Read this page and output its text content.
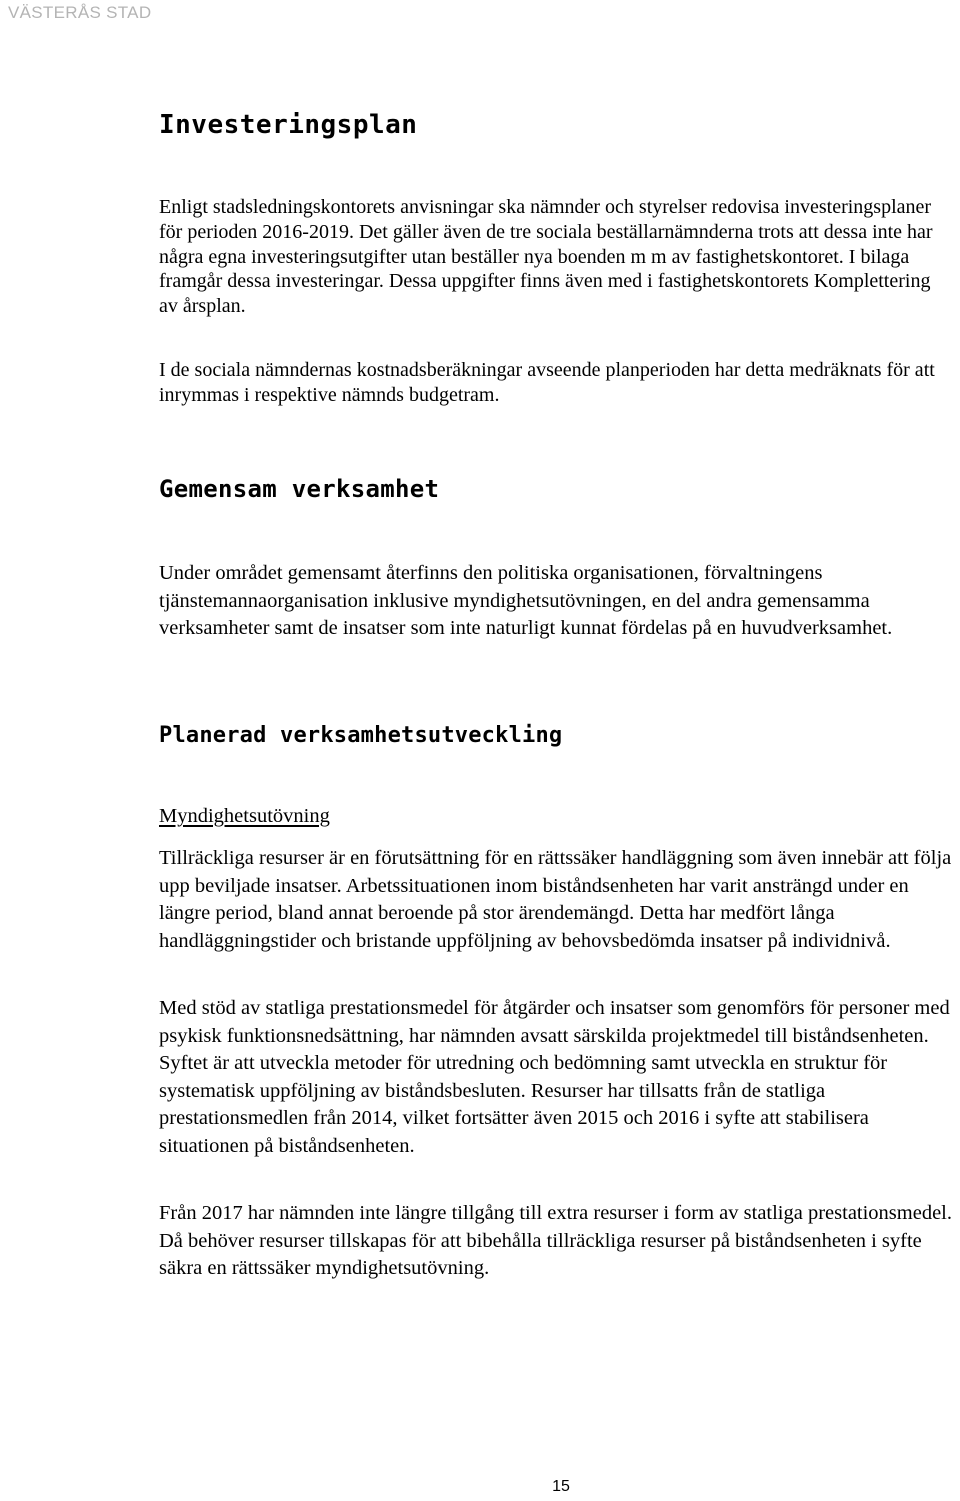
VÄSTERÅS STAD
Investeringsplan

Enligt stadsledningskontorets anvisningar ska nämnder och styrelser redovisa investeringsplaner för perioden 2016-2019. Det gäller även de tre sociala beställarnämnderna trots att dessa inte har några egna investeringsutgifter utan beställer nya boenden m m av fastighetskontoret. I bilaga framgår dessa investeringar. Dessa uppgifter finns även med i fastighetskontorets Komplettering av årsplan.

I de sociala nämndernas kostnadsberäkningar avseende planperioden har detta medräknats för att inrymmas i respektive nämnds budgetram.

Gemensam verksamhet

Under området gemensamt återfinns den politiska organisationen, förvaltningens tjänstemannaorganisation inklusive myndighetsutövningen, en del andra gemensamma verksamheter samt de insatser som inte naturligt kunnat fördelas på en huvudverksamhet.

Planerad verksamhetsutveckling
Myndighetsutövning

Tillräckliga resurser är en förutsättning för en rättssäker handläggning som även innebär att följa upp beviljade insatser. Arbetssituationen inom biståndsenheten har varit ansträngd under en längre period, bland annat beroende på stor ärendemängd. Detta har medfört långa handläggningstider och bristande uppföljning av behovsbedömda insatser på individnivå.

Med stöd av statliga prestationsmedel för åtgärder och insatser som genomförs för personer med psykisk funktionsnedsättning, har nämnden avsatt särskilda projektmedel till biståndsenheten. Syftet är att utveckla metoder för utredning och bedömning samt utveckla en struktur för systematisk uppföljning av biståndsbesluten. Resurser har tillsatts från de statliga prestationsmedlen från 2014, vilket fortsätter även 2015 och 2016 i syfte att stabilisera situationen på biståndsenheten.

Från 2017 har nämnden inte längre tillgång till extra resurser i form av statliga prestationsmedel. Då behöver resurser tillskapas för att bibehålla tillräckliga resurser på biståndsenheten i syfte säkra en rättssäker myndighetsutövning.

15
